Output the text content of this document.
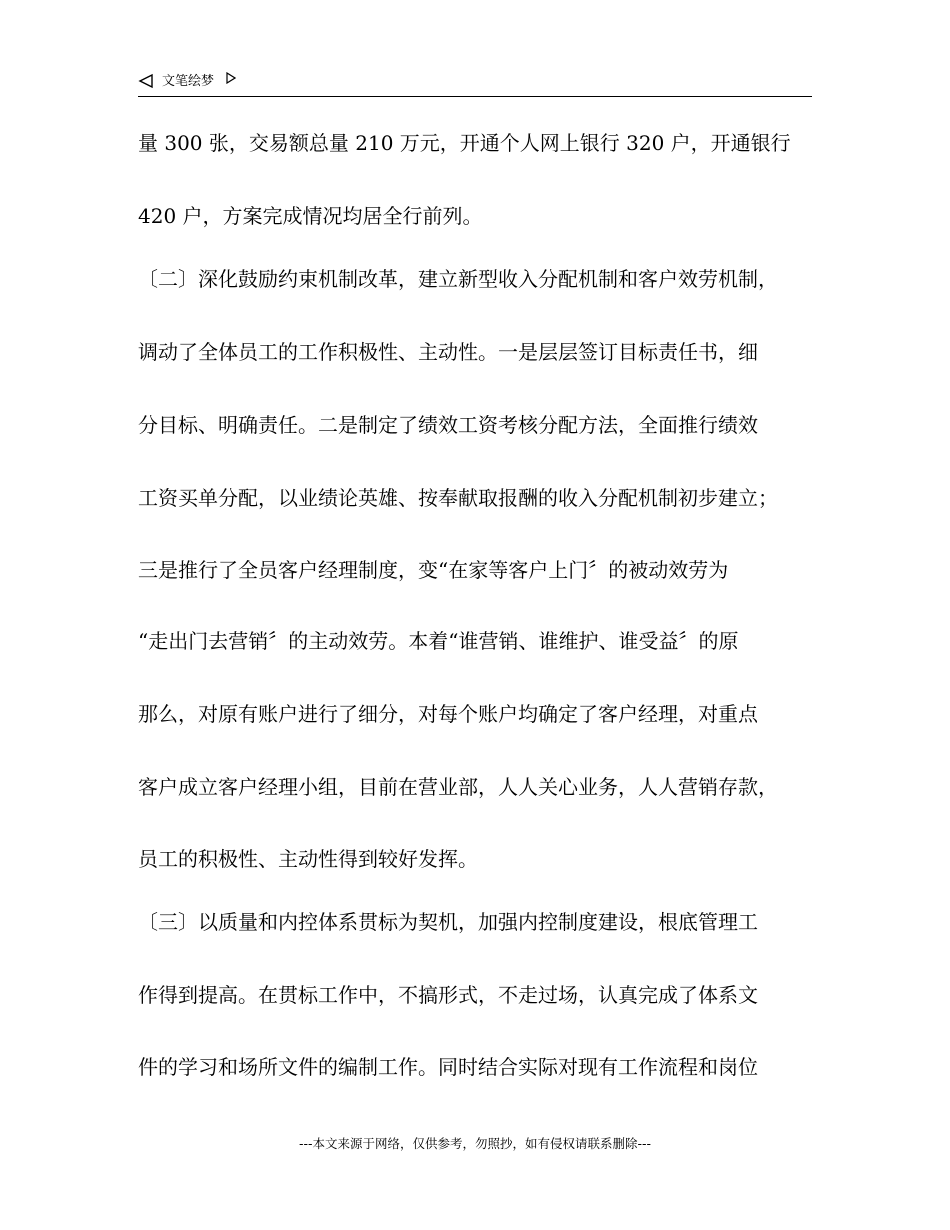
文笔绘梦
量 300 张，交易额总量 210 万元，开通个人网上银行 320 户，开通银行
420 户，方案完成情况均居全行前列。
〔二〕深化鼓励约束机制改革，建立新型收入分配机制和客户效劳机制，
调动了全体员工的工作积极性、主动性。一是层层签订目标责任书，细
分目标、明确责任。二是制定了绩效工资考核分配方法，全面推行绩效
工资买单分配，以业绩论英雄、按奉献取报酬的收入分配机制初步建立；
三是推行了全员客户经理制度，变“在家等客户上门〞的被动效劳为
“走出门去营销〞的主动效劳。本着“谁营销、谁维护、谁受益〞的原
那么，对原有账户进行了细分，对每个账户均确定了客户经理，对重点
客户成立客户经理小组，目前在营业部，人人关心业务，人人营销存款，
员工的积极性、主动性得到较好发挥。
〔三〕以质量和内控体系贯标为契机，加强内控制度建设，根底管理工
作得到提高。在贯标工作中，不搞形式，不走过场，认真完成了体系文
件的学习和场所文件的编制工作。同时结合实际对现有工作流程和岗位
---本文来源于网络，仅供参考，勿照抄，如有侵权请联系删除---
